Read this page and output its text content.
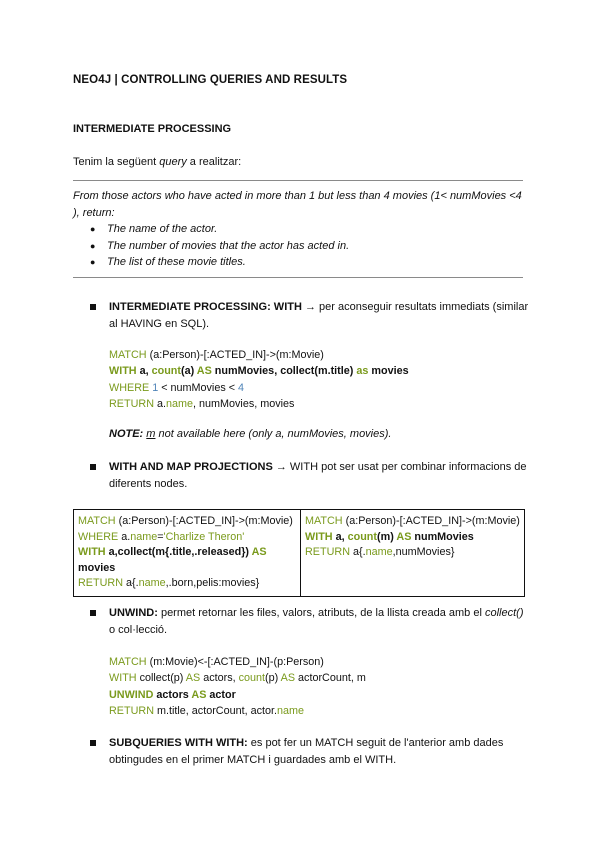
NEO4J | CONTROLLING QUERIES AND RESULTS
INTERMEDIATE PROCESSING
Tenim la següent query a realitzar:
From those actors who have acted in more than 1 but less than 4 movies (1< numMovies <4 ), return:
● The name of the actor.
● The number of movies that the actor has acted in.
● The list of these movie titles.
INTERMEDIATE PROCESSING: WITH → per aconseguir resultats immediats (similar al HAVING en SQL).
MATCH (a:Person)-[:ACTED_IN]->(m:Movie)
WITH a, count(a) AS numMovies, collect(m.title) as movies
WHERE 1 < numMovies < 4
RETURN a.name, numMovies, movies
NOTE: m not available here (only a, numMovies, movies).
WITH AND MAP PROJECTIONS → WITH pot ser usat per combinar informacions de diferents nodes.
MATCH (a:Person)-[:ACTED_IN]->(m:Movie)
WHERE a.name='Charlize Theron'
WITH a,collect(m{.title,.released}) AS
movies
RETURN a{.name,.born,pelis:movies}

MATCH (a:Person)-[:ACTED_IN]->(m:Movie)
WITH a, count(m) AS numMovies
RETURN a{.name,numMovies}
UNWIND: permet retornar les files, valors, atributs, de la llista creada amb el collect() o col·lecció.
MATCH (m:Movie)<-[:ACTED_IN]-(p:Person)
WITH collect(p) AS actors, count(p) AS actorCount, m
UNWIND actors AS actor
RETURN m.title, actorCount, actor.name
SUBQUERIES WITH WITH: es pot fer un MATCH seguit de l'anterior amb dades obtingudes en el primer MATCH i guardades amb el WITH.
